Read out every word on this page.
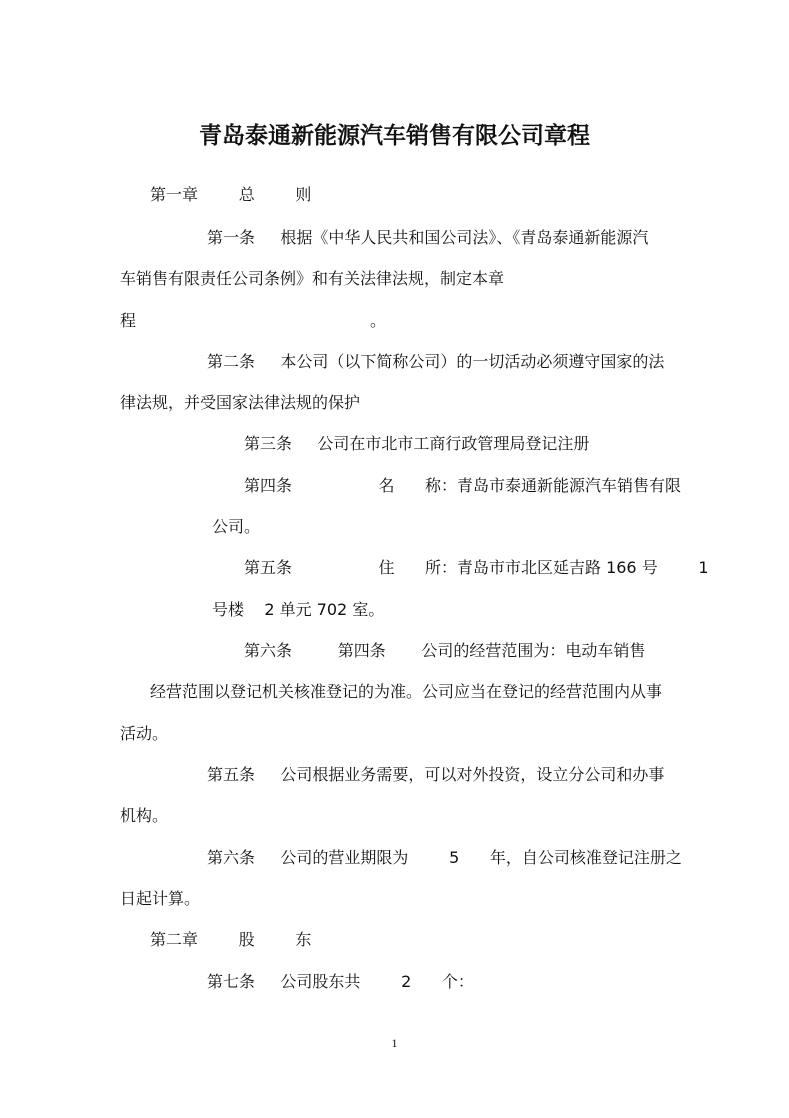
青岛泰通新能源汽车销售有限公司章程
第一章        总        则
第一条     根据《中华人民共和国公司法》、《青岛泰通新能源汽
车销售有限责任公司条例》和有关法律法规，制定本章
程                                              。
第二条     本公司（以下简称公司）的一切活动必须遵守国家的法
律法规，并受国家法律法规的保护
第三条     公司在市北市工商行政管理局登记注册
第四条                 名      称：青岛市泰通新能源汽车销售有限
公司。
第五条                 住      所：青岛市市北区延吉路 166 号        1
号楼    2 单元 702 室。
第六条         第四条       公司的经营范围为：电动车销售
经营范围以登记机关核准登记的为准。公司应当在登记的经营范围内从事
活动。
第五条     公司根据业务需要，可以对外投资，设立分公司和办事
机构。
第六条     公司的营业期限为        5      年，自公司核准登记注册之
日起计算。
第二章        股        东
第七条     公司股东共        2      个：
1
